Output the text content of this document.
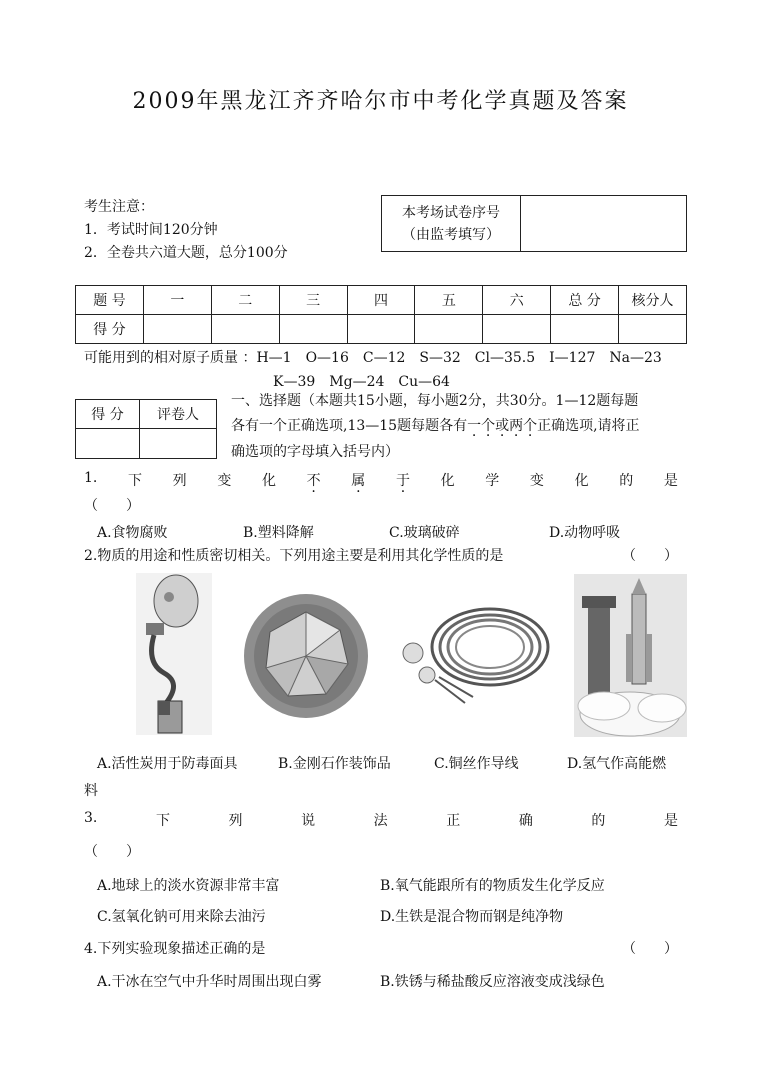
2009年黑龙江齐齐哈尔市中考化学真题及答案
考生注意：
1．考试时间120分钟
2．全卷共六道大题，总分100分
本考场试卷序号
（由监考填写）

题 号	一	二	三	四	五	六	总 分	核分人
得 分								
可能用到的相对原子质量 ：H—1　O—16　C—12　S—32　Cl—35.5　I—127　Na—23
K—39　Mg—24　Cu—64
得 分	评卷人

一、选择题（本题共15小题，每小题2分，共30分。1—12题每题
各有一个正确选项,13—15题每题各有一个或两个正确选项,请将正
确选项的字母填入括号内）
1. 下 列 变 化 不 · 属 · 于 · 化 学 变 化 的 是
（　　）
A.食物腐败	B.塑料降解	C.玻璃破碎	D.动物呼吸
2.物质的用途和性质密切相关。下列用途主要是利用其化学性质的是	（　　）
A.活性炭用于防毒面具	B.金刚石作装饰品	C.铜丝作导线	D.氢气作高能燃
料
3.	下	列	说	法	正	确	的	是
（　　）
A.地球上的淡水资源非常丰富	B.氧气能跟所有的物质发生化学反应
C.氢氧化钠可用来除去油污	D.生铁是混合物而钢是纯净物
4.下列实验现象描述正确的是	（　　）
A.干冰在空气中升华时周围出现白雾	B.铁锈与稀盐酸反应溶液变成浅绿色
